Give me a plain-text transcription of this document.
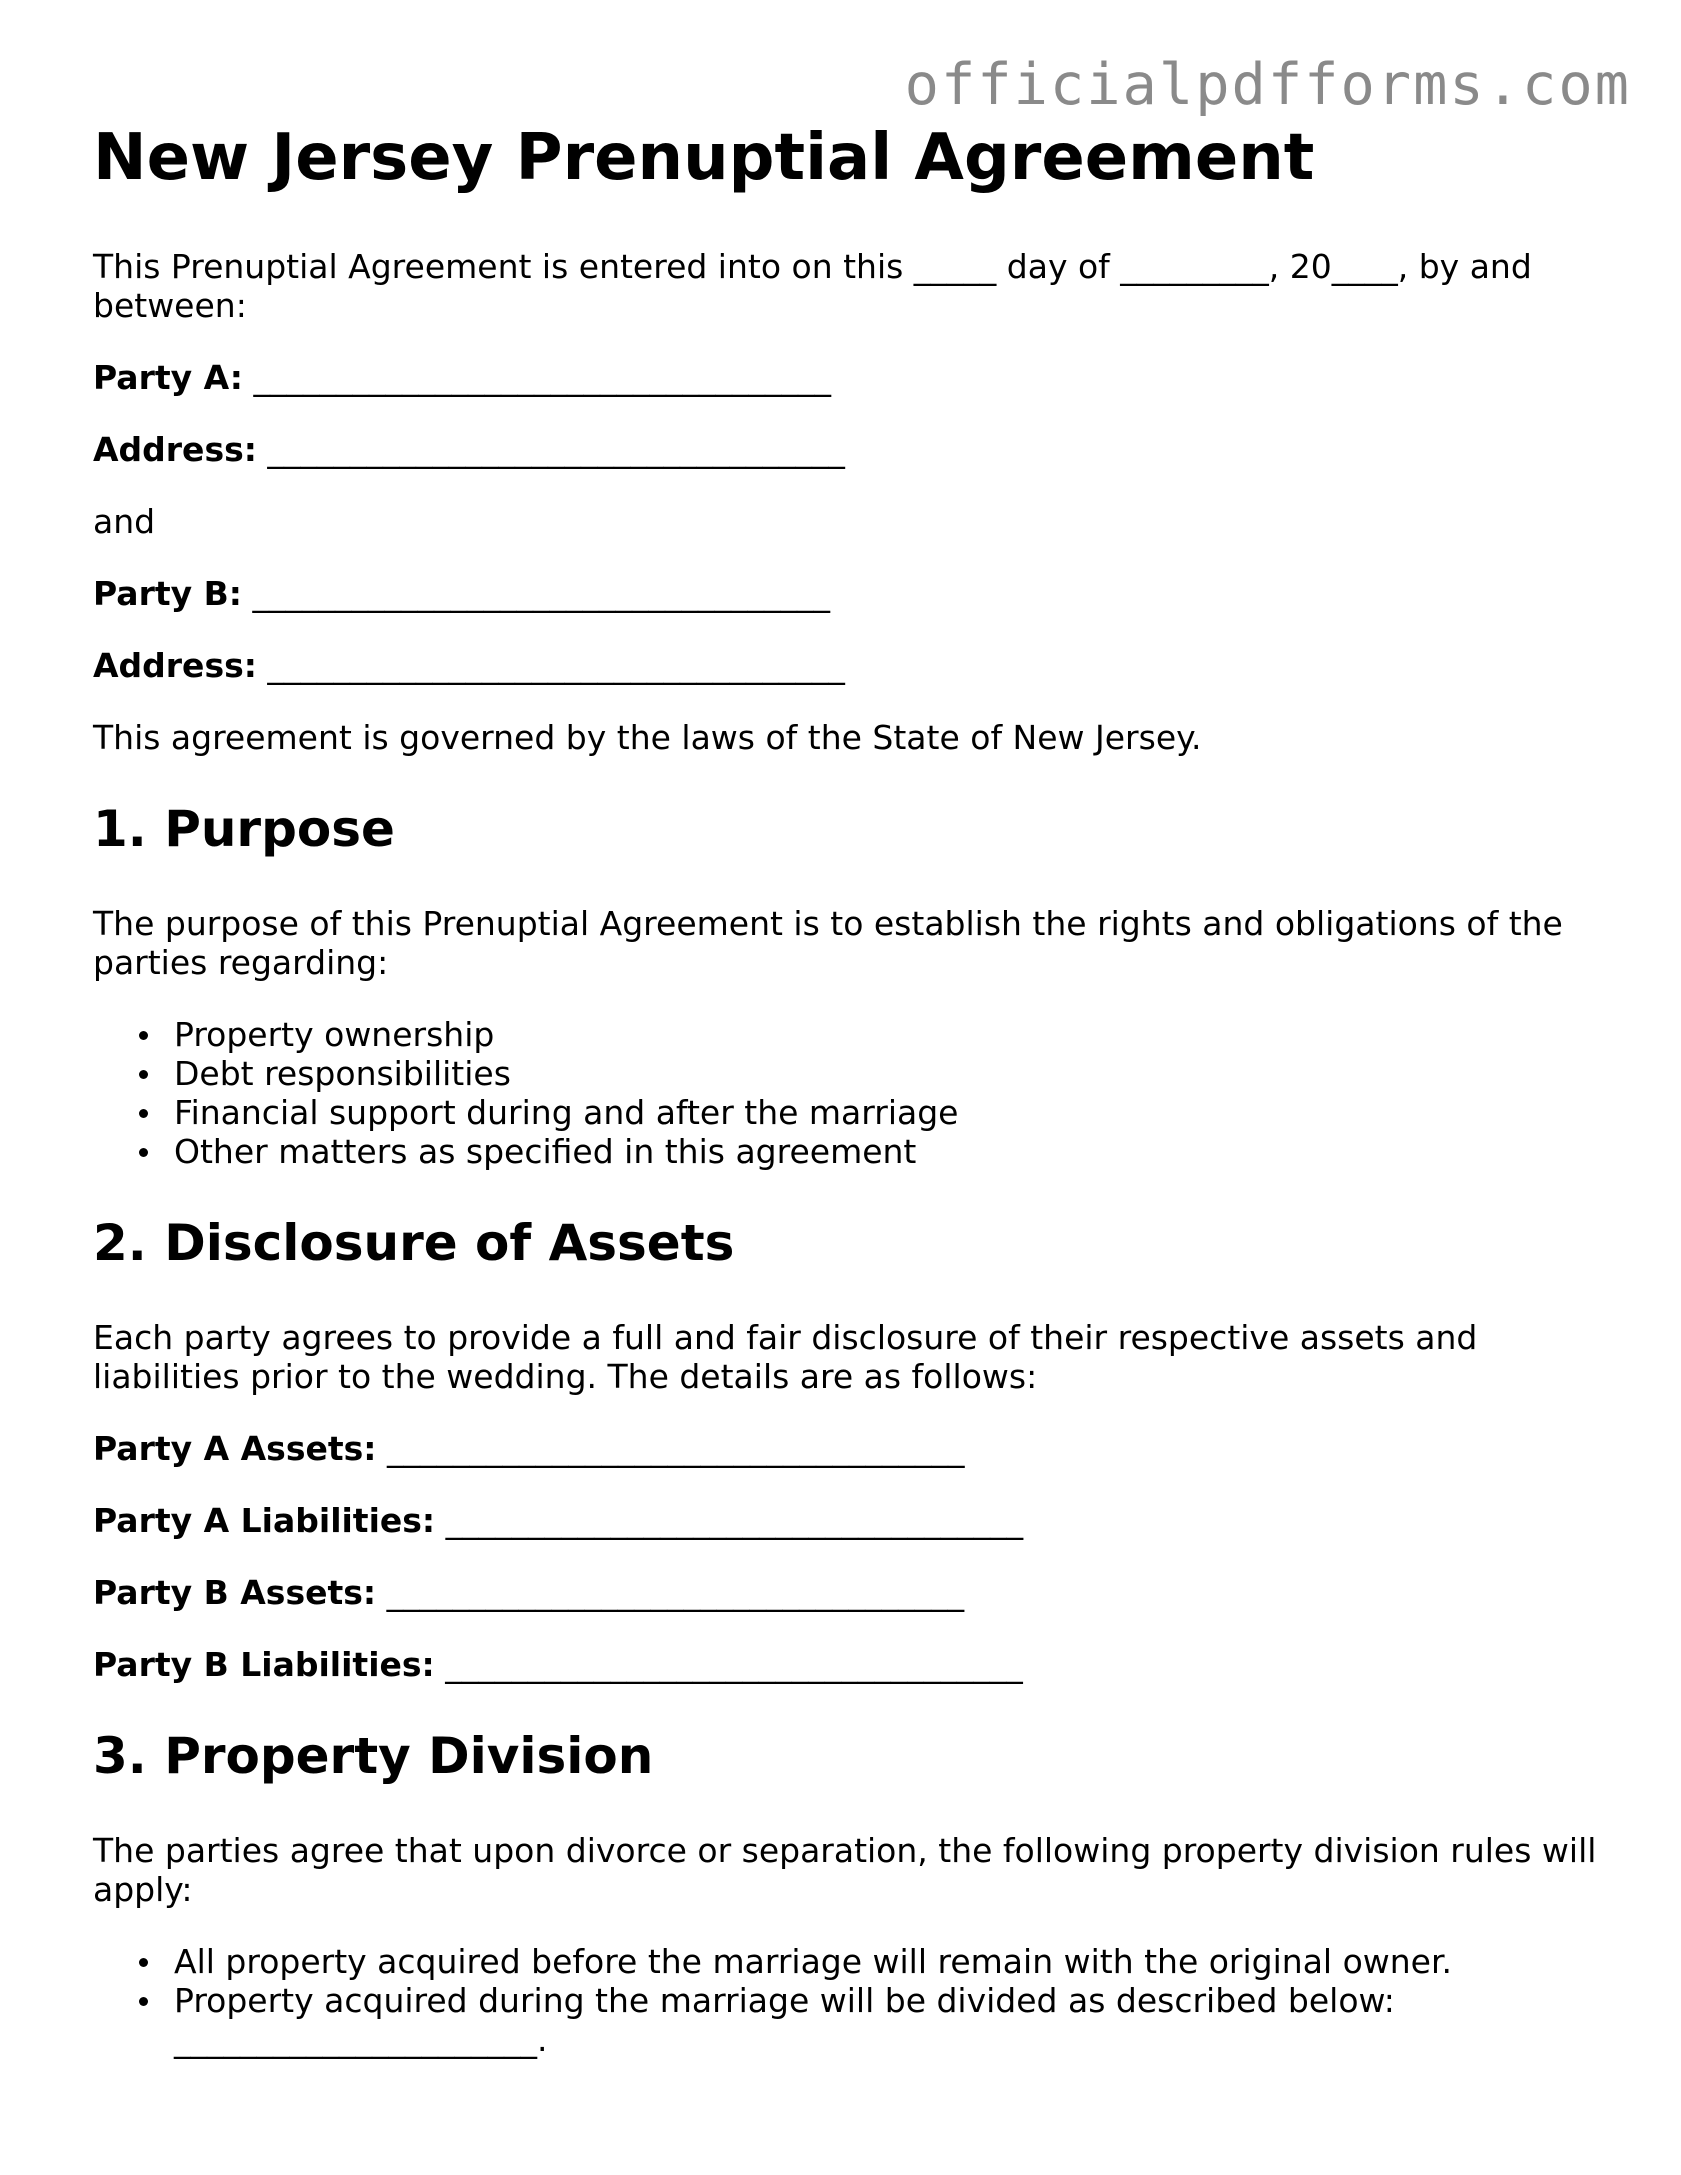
officialpdfforms.com
New Jersey Prenuptial Agreement

This Prenuptial Agreement is entered into on this _____ day of _________, 20____, by and between:

Party A: ___________________________________

Address: ___________________________________

and

Party B: ___________________________________

Address: ___________________________________

This agreement is governed by the laws of the State of New Jersey.

1. Purpose

The purpose of this Prenuptial Agreement is to establish the rights and obligations of the parties regarding:

Property ownership
Debt responsibilities
Financial support during and after the marriage
Other matters as specified in this agreement
2. Disclosure of Assets

Each party agrees to provide a full and fair disclosure of their respective assets and liabilities prior to the wedding. The details are as follows:

Party A Assets: ___________________________________

Party A Liabilities: ___________________________________

Party B Assets: ___________________________________

Party B Liabilities: ___________________________________

3. Property Division

The parties agree that upon divorce or separation, the following property division rules will apply:

All property acquired before the marriage will remain with the original owner.
Property acquired during the marriage will be divided as described below: ______________________.
